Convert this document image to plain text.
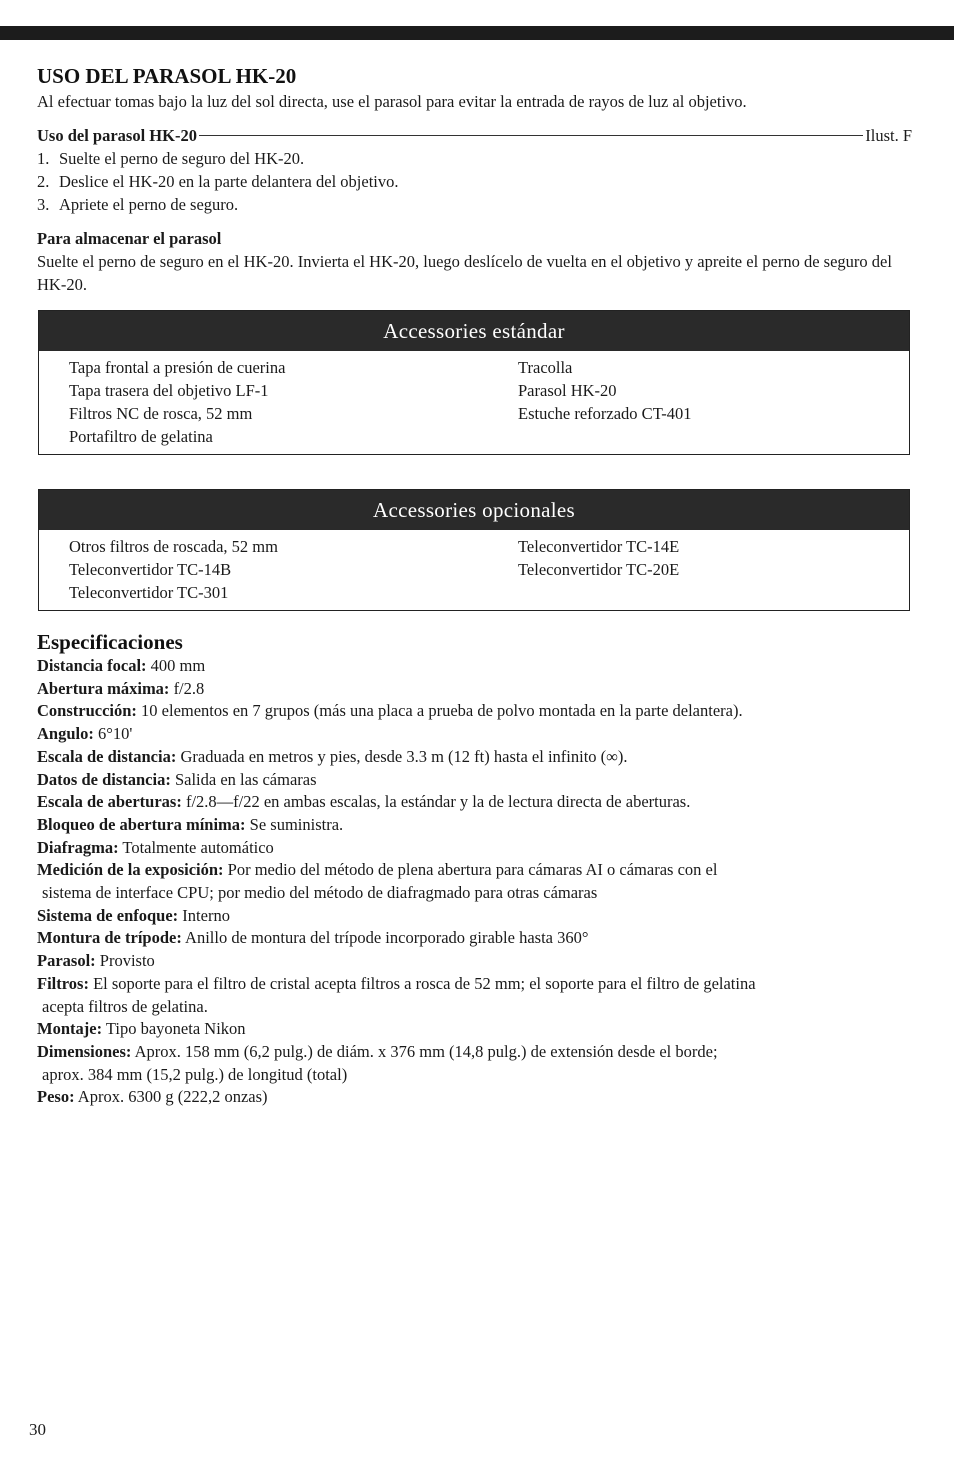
USO DEL PARASOL HK-20

Al efectuar tomas bajo la luz del sol directa, use el parasol para evitar la entrada de rayos de luz al objetivo.

Uso del parasol HK-20	Ilust. F
1. Suelte el perno de seguro del HK-20.
2. Deslice el HK-20 en la parte delantera del objetivo.
3. Apriete el perno de seguro.
Para almacenar el parasol

Suelte el perno de seguro en el HK-20. Invierta el HK-20, luego deslícelo de vuelta en el objetivo y apreite el perno de seguro del HK-20.

Accessories estándar
Tapa frontal a presión de cuerina
Tapa trasera del objetivo LF-1
Filtros NC de rosca, 52 mm
Portafiltro de gelatina
Tracolla
Parasol HK-20
Estuche reforzado CT-401
Accessories opcionales
Otros filtros de roscada, 52 mm
Teleconvertidor TC-14B
Teleconvertidor TC-301
Teleconvertidor TC-14E
Teleconvertidor TC-20E
Especificaciones

Distancia focal: 400 mm

Abertura máxima: f/2.8

Construcción: 10 elementos en 7 grupos (más una placa a prueba de polvo montada en la parte delantera).

Angulo: 6°10'

Escala de distancia: Graduada en metros y pies, desde 3.3 m (12 ft) hasta el infinito (∞).

Datos de distancia: Salida en las cámaras

Escala de aberturas: f/2.8—f/22 en ambas escalas, la estándar y la de lectura directa de aberturas.

Bloqueo de abertura mínima: Se suministra.

Diafragma: Totalmente automático

Medición de la exposición: Por medio del método de plena abertura para cámaras AI o cámaras con el
sistema de interface CPU; por medio del método de diafragmado para otras cámaras

Sistema de enfoque: Interno

Montura de trípode: Anillo de montura del trípode incorporado girable hasta 360°

Parasol: Provisto

Filtros: El soporte para el filtro de cristal acepta filtros a rosca de 52 mm; el soporte para el filtro de gelatina
acepta filtros de gelatina.

Montaje: Tipo bayoneta Nikon

Dimensiones: Aprox. 158 mm (6,2 pulg.) de diám. x 376 mm (14,8 pulg.) de extensión desde el borde;
aprox. 384 mm (15,2 pulg.) de longitud (total)

Peso: Aprox. 6300 g (222,2 onzas)

30
